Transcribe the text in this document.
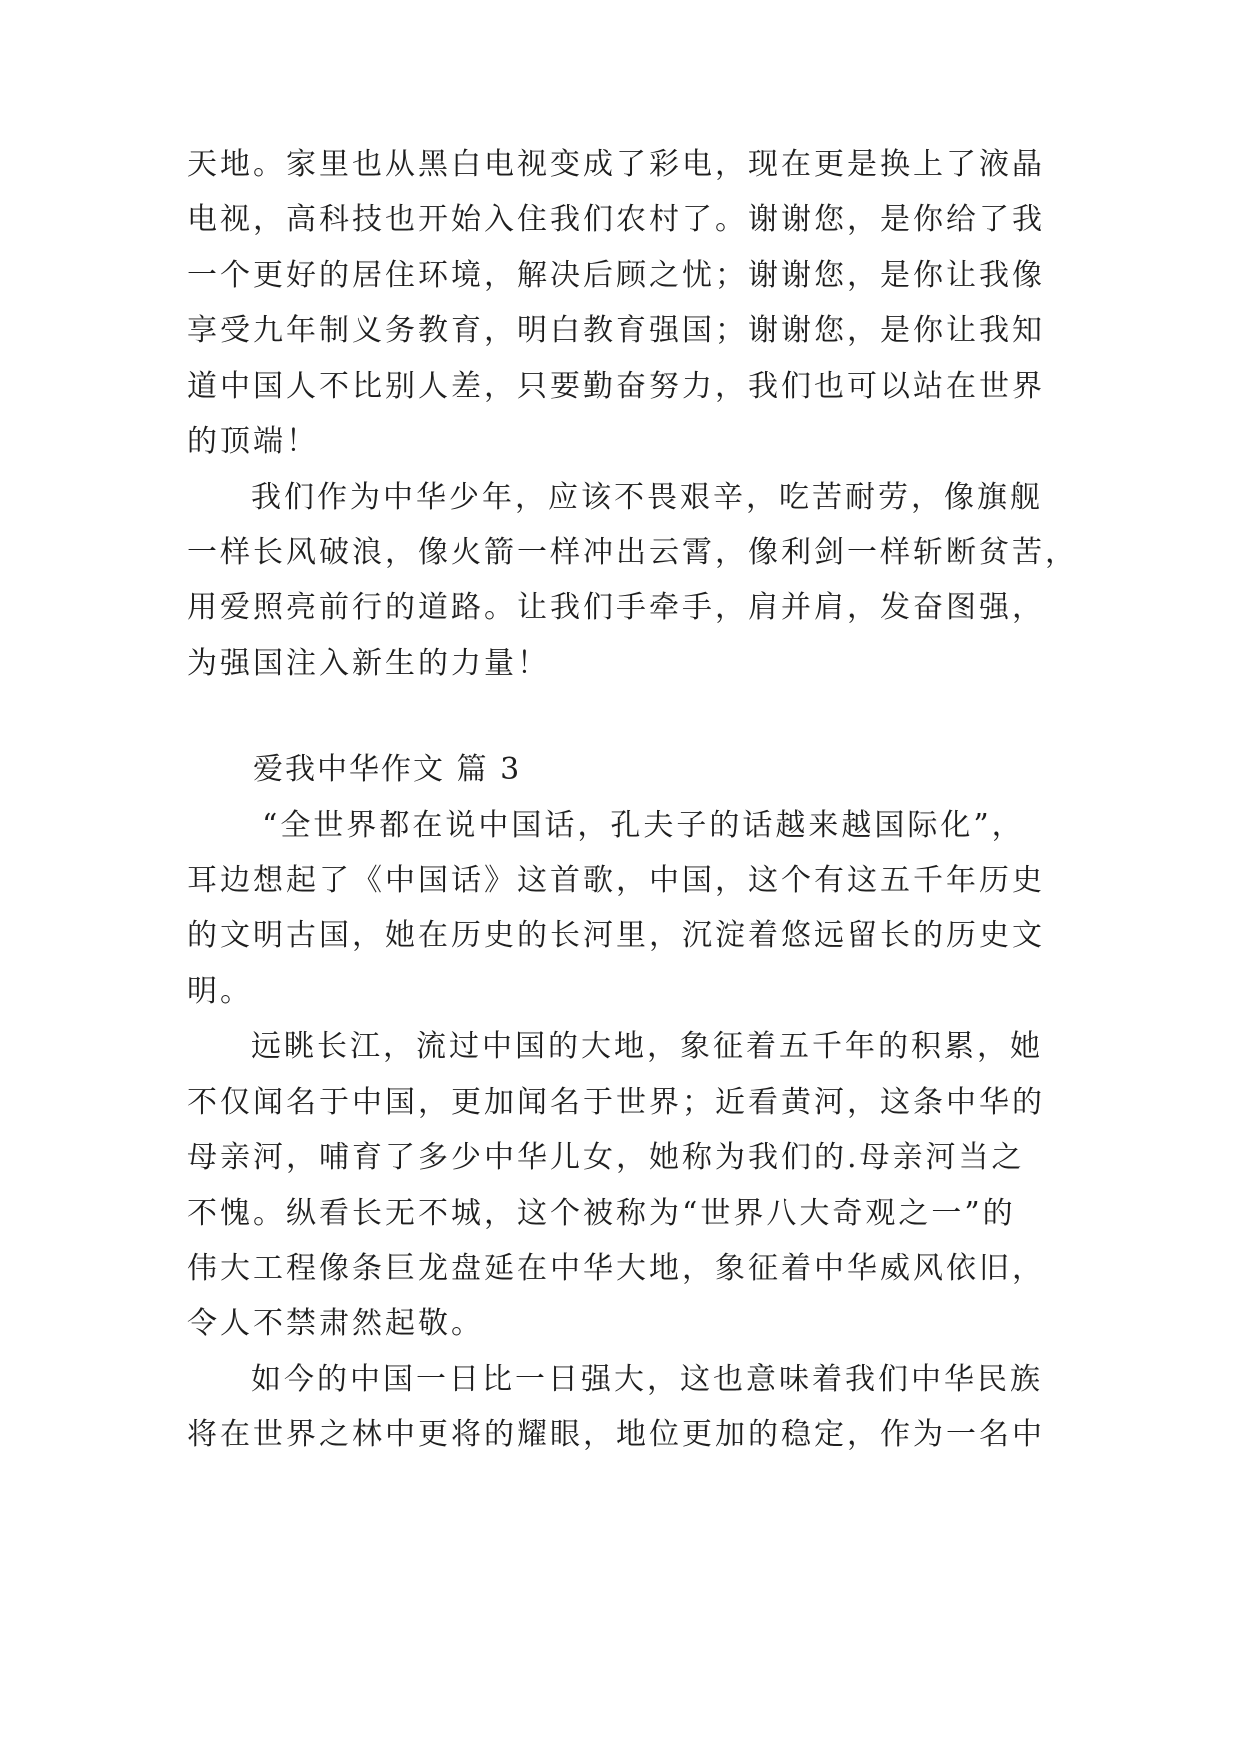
天地。家里也从黑白电视变成了彩电，现在更是换上了液晶
电视，高科技也开始入住我们农村了。谢谢您，是你给了我
一个更好的居住环境，解决后顾之忧；谢谢您，是你让我像
享受九年制义务教育，明白教育强国；谢谢您，是你让我知
道中国人不比别人差，只要勤奋努力，我们也可以站在世界
的顶端！
我们作为中华少年，应该不畏艰辛，吃苦耐劳，像旗舰
一样长风破浪，像火箭一样冲出云霄，像利剑一样斩断贫苦，
用爱照亮前行的道路。让我们手牵手，肩并肩，发奋图强，
为强国注入新生的力量！
爱我中华作文 篇 3
“全世界都在说中国话，孔夫子的话越来越国际化”，
耳边想起了《中国话》这首歌，中国，这个有这五千年历史
的文明古国，她在历史的长河里，沉淀着悠远留长的历史文
明。
远眺长江，流过中国的大地，象征着五千年的积累，她
不仅闻名于中国，更加闻名于世界；近看黄河，这条中华的
母亲河，哺育了多少中华儿女，她称为我们的.母亲河当之
不愧。纵看长无不城，这个被称为“世界八大奇观之一”的
伟大工程像条巨龙盘延在中华大地，象征着中华威风依旧，
令人不禁肃然起敬。
如今的中国一日比一日强大，这也意味着我们中华民族
将在世界之林中更将的耀眼，地位更加的稳定，作为一名中
